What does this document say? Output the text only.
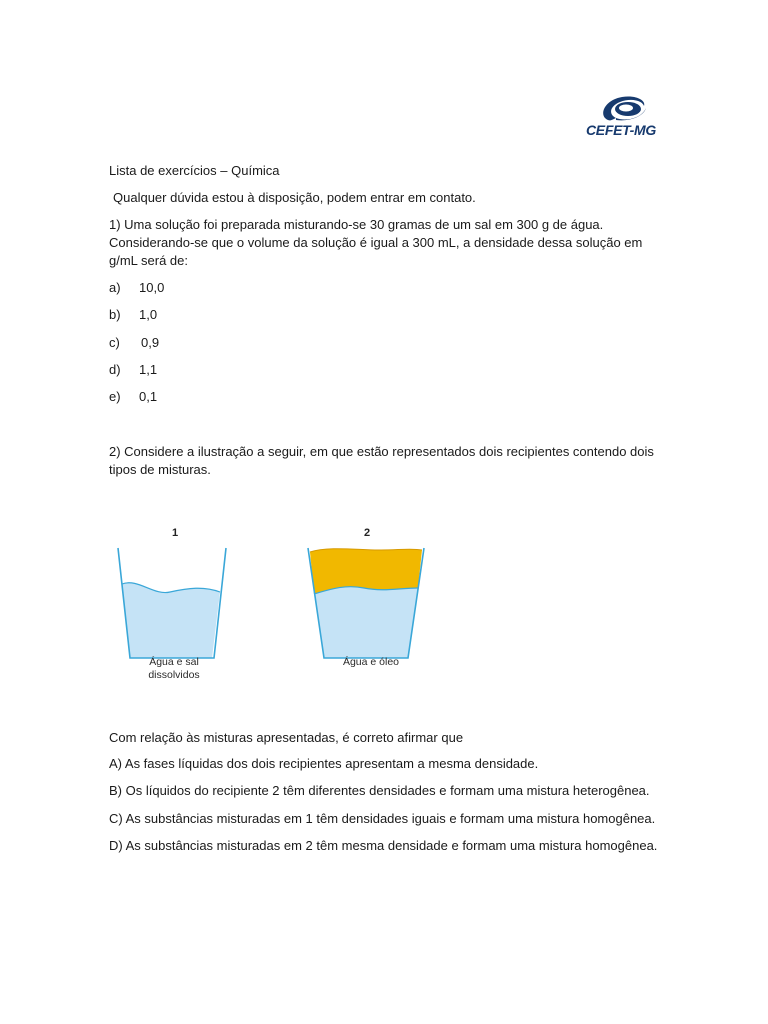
CEFET-MG
Lista de exercícios – Química
Qualquer dúvida estou à disposição, podem entrar em contato.
1) Uma solução foi preparada misturando-se 30 gramas de um sal em 300 g de água.
Considerando-se que o volume da solução é igual a 300 mL, a densidade dessa solução em
g/mL será de:
a) 10,0
b) 1,0
c) 0,9
d) 1,1
e) 0,1
2) Considere a ilustração a seguir, em que estão representados dois recipientes contendo dois
tipos de misturas.
1	2
Água e sal
dissolvidos
Água e óleo
Com relação às misturas apresentadas, é correto afirmar que
A) As fases líquidas dos dois recipientes apresentam a mesma densidade.
B) Os líquidos do recipiente 2 têm diferentes densidades e formam uma mistura heterogênea.
C) As substâncias misturadas em 1 têm densidades iguais e formam uma mistura homogênea.
D) As substâncias misturadas em 2 têm mesma densidade e formam uma mistura homogênea.
